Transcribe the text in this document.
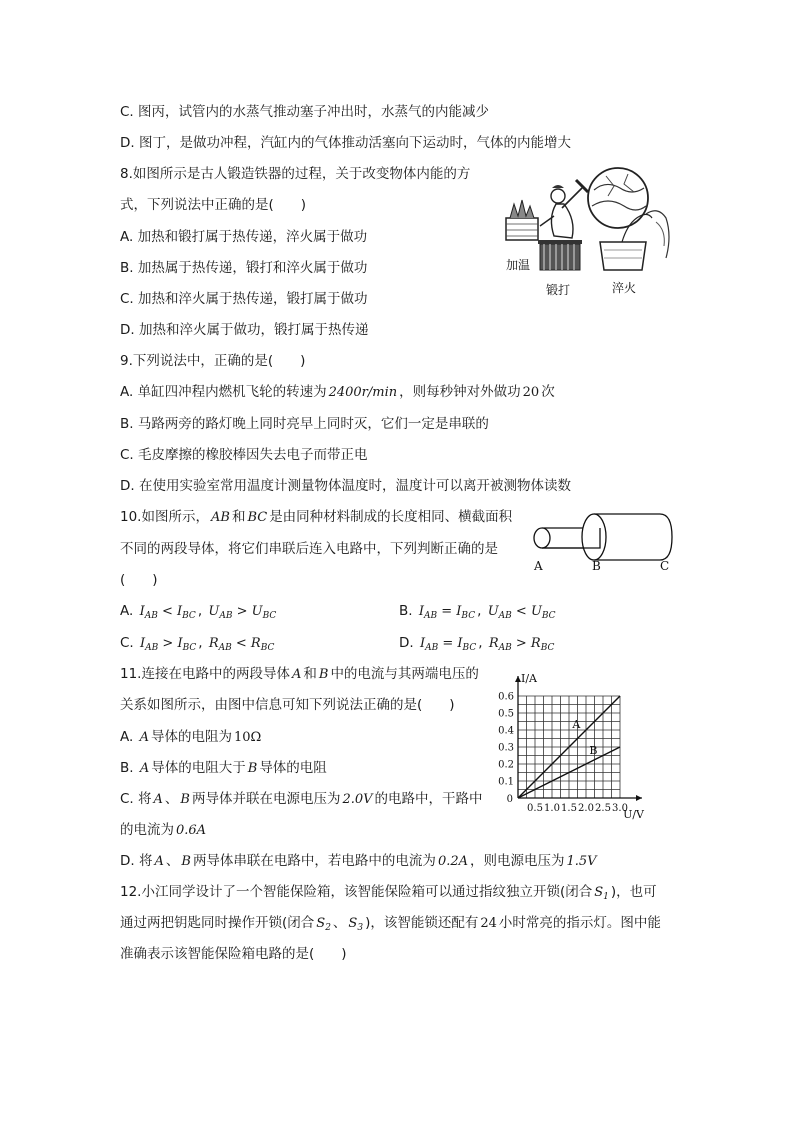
C. 图丙，试管内的水蒸气推动塞子冲出时，水蒸气的内能减少
D. 图丁，是做功冲程，汽缸内的气体推动活塞向下运动时，气体的内能增大
8.如图所示是古人锻造铁器的过程，关于改变物体内能的方
式，下列说法中正确的是(　　)
A. 加热和锻打属于热传递，淬火属于做功
B. 加热属于热传递，锻打和淬火属于做功
C. 加热和淬火属于热传递，锻打属于做功
D. 加热和淬火属于做功，锻打属于热传递
加温
锻打	淬火
9.下列说法中，正确的是(　　)
A. 单缸四冲程内燃机飞轮的转速为 2400r/min ，则每秒钟对外做功 20 次
B. 马路两旁的路灯晚上同时亮早上同时灭，它们一定是串联的
C. 毛皮摩擦的橡胶棒因失去电子而带正电
D. 在使用实验室常用温度计测量物体温度时，温度计可以离开被测物体读数
10.如图所示， AB 和 BC 是由同种材料制成的长度相同、横截面积
不同的两段导体，将它们串联后连入电路中，下列判断正确的是
(　　)
A. $I_{AB} < I_{BC}$ , $U_{AB} > U_{BC}$	B. $I_{AB} = I_{BC}$ , $U_{AB} < U_{BC}$
C. $I_{AB} > I_{BC}$ , $R_{AB} < R_{BC}$	D. $I_{AB} = I_{BC}$ , $R_{AB} > R_{BC}$
A	B	C
11.连接在电路中的两段导体 A 和 B 中的电流与其两端电压的
关系如图所示，由图中信息可知下列说法正确的是(　　)
A. A 导体的电阻为 10Ω
B. A 导体的电阻大于 B 导体的电阻
C. 将 A 、 B 两导体并联在电源电压为 2.0V 的电路中，干路中
的电流为 0.6A
D. 将 A 、 B 两导体串联在电路中，若电路中的电流为 0.2A ，则电源电压为 1.5V
0.5 1.0 1.5 2.0 2.5 3.0
0.1
0.2
0.3
0.4
0.5
0.6
0
U/V
I/A
A
B
12.小江同学设计了一个智能保险箱，该智能保险箱可以通过指纹独立开锁(闭合 $S_1$ )，也可
通过两把钥匙同时操作开锁(闭合 $S_2$ 、 $S_3$ )，该智能锁还配有 24 小时常亮的指示灯。图中能
准确表示该智能保险箱电路的是(　　)
